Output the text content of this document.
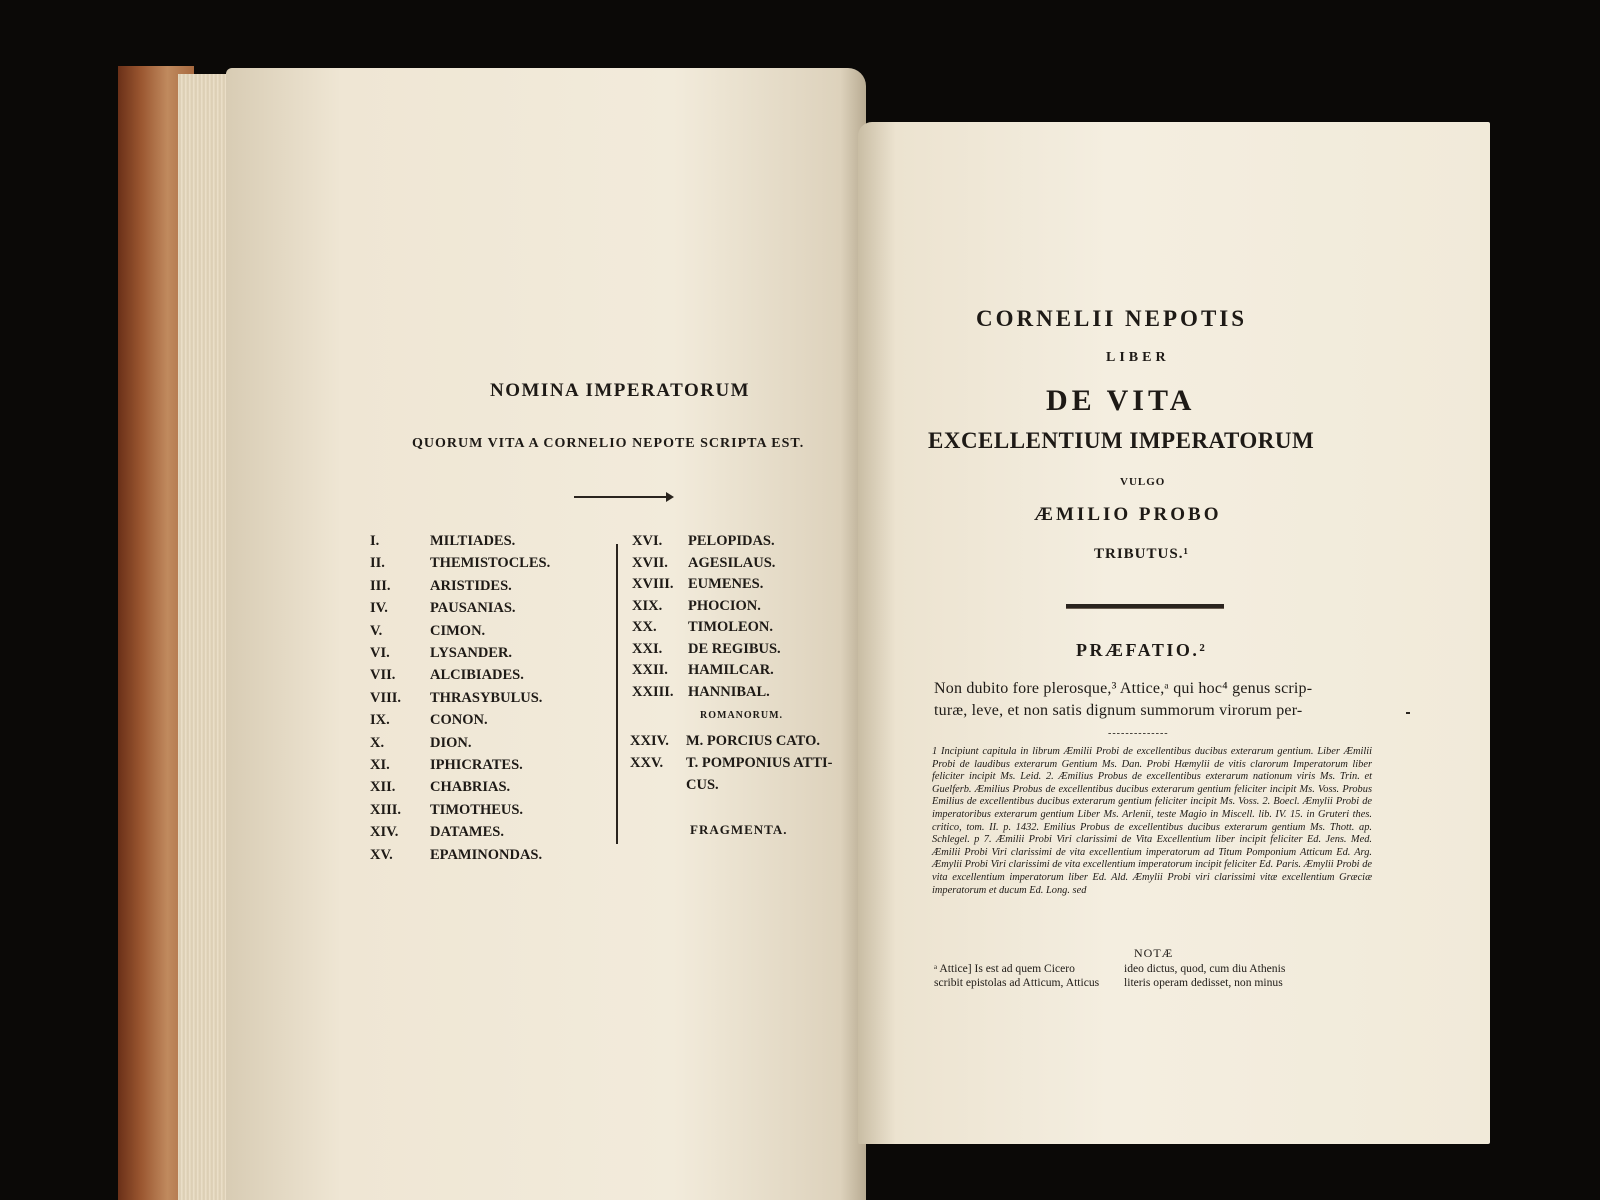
NOMINA IMPERATORUM
QUORUM VITA A CORNELIO NEPOTE SCRIPTA EST.
I.	MILTIADES.
II.	THEMISTOCLES.
III.	ARISTIDES.
IV.	PAUSANIAS.
V.	CIMON.
VI.	LYSANDER.
VII.	ALCIBIADES.
VIII.	THRASYBULUS.
IX.	CONON.
X.	DION.
XI.	IPHICRATES.
XII.	CHABRIAS.
XIII.	TIMOTHEUS.
XIV.	DATAMES.
XV.	EPAMINONDAS.
XVI.	PELOPIDAS.
XVII.	AGESILAUS.
XVIII.	EUMENES.
XIX.	PHOCION.
XX.	TIMOLEON.
XXI.	DE REGIBUS.
XXII.	HAMILCAR.
XXIII.	HANNIBAL.
ROMANORUM.
XXIV.	M. PORCIUS CATO.
XXV.	T. POMPONIUS ATTI-
CUS.
FRAGMENTA.
CORNELII NEPOTIS
LIBER
DE VITA
EXCELLENTIUM IMPERATORUM
VULGO
ÆMILIO PROBO
TRIBUTUS.¹
PRÆFATIO.²
Non dubito fore plerosque,³ Attice,ᵃ qui hoc⁴ genus scrip-
turæ, leve, et non satis dignum summorum virorum per-
‐‐‐‐‐‐‐‐‐‐‐‐‐‐
1 Incipiunt capitula in librum Æmilii Probi de excellentibus ducibus exterarum gentium. Liber Æmilii Probi de laudibus exterarum Gentium Ms. Dan. Probi Hæmylii de vitis clarorum Imperatorum liber feliciter incipit Ms. Leid. 2. Æmilius Probus de excellentibus exterarum nationum viris Ms. Trin. et Guelferb. Æmilius Probus de excellentibus ducibus exterarum gentium feliciter incipit Ms. Voss. Probus Emilius de excellentibus ducibus exterarum gentium feliciter incipit Ms. Voss. 2. Boecl. Æmylii Probi de imperatoribus exterarum gentium Liber Ms. Arlenii, teste Magio in Miscell. lib. IV. 15. in Gruteri thes. critico, tom. II. p. 1432. Emilius Probus de excellentibus ducibus exterarum gentium Ms. Thott. ap. Schlegel. p 7. Æmilii Probi Viri clarissimi de Vita Excellentium liber incipit feliciter Ed. Jens. Med. Æmilii Probi Viri clarissimi de vita excellentium imperatorum ad Titum Pomponium Atticum Ed. Arg. Æmylii Probi Viri clarissimi de vita excellentium imperatorum incipit feliciter Ed. Paris. Æmylii Probi de vita excellentium imperatorum liber Ed. Ald. Æmylii Probi viri clarissimi vitæ excellentium Græciæ imperatorum et ducum Ed. Long. sed
NOTÆ
ᵃ Attice] Is est ad quem Cicero
scribit epistolas ad Atticum, Atticus
ideo dictus, quod, cum diu Athenis
literis operam dedisset, non minus
